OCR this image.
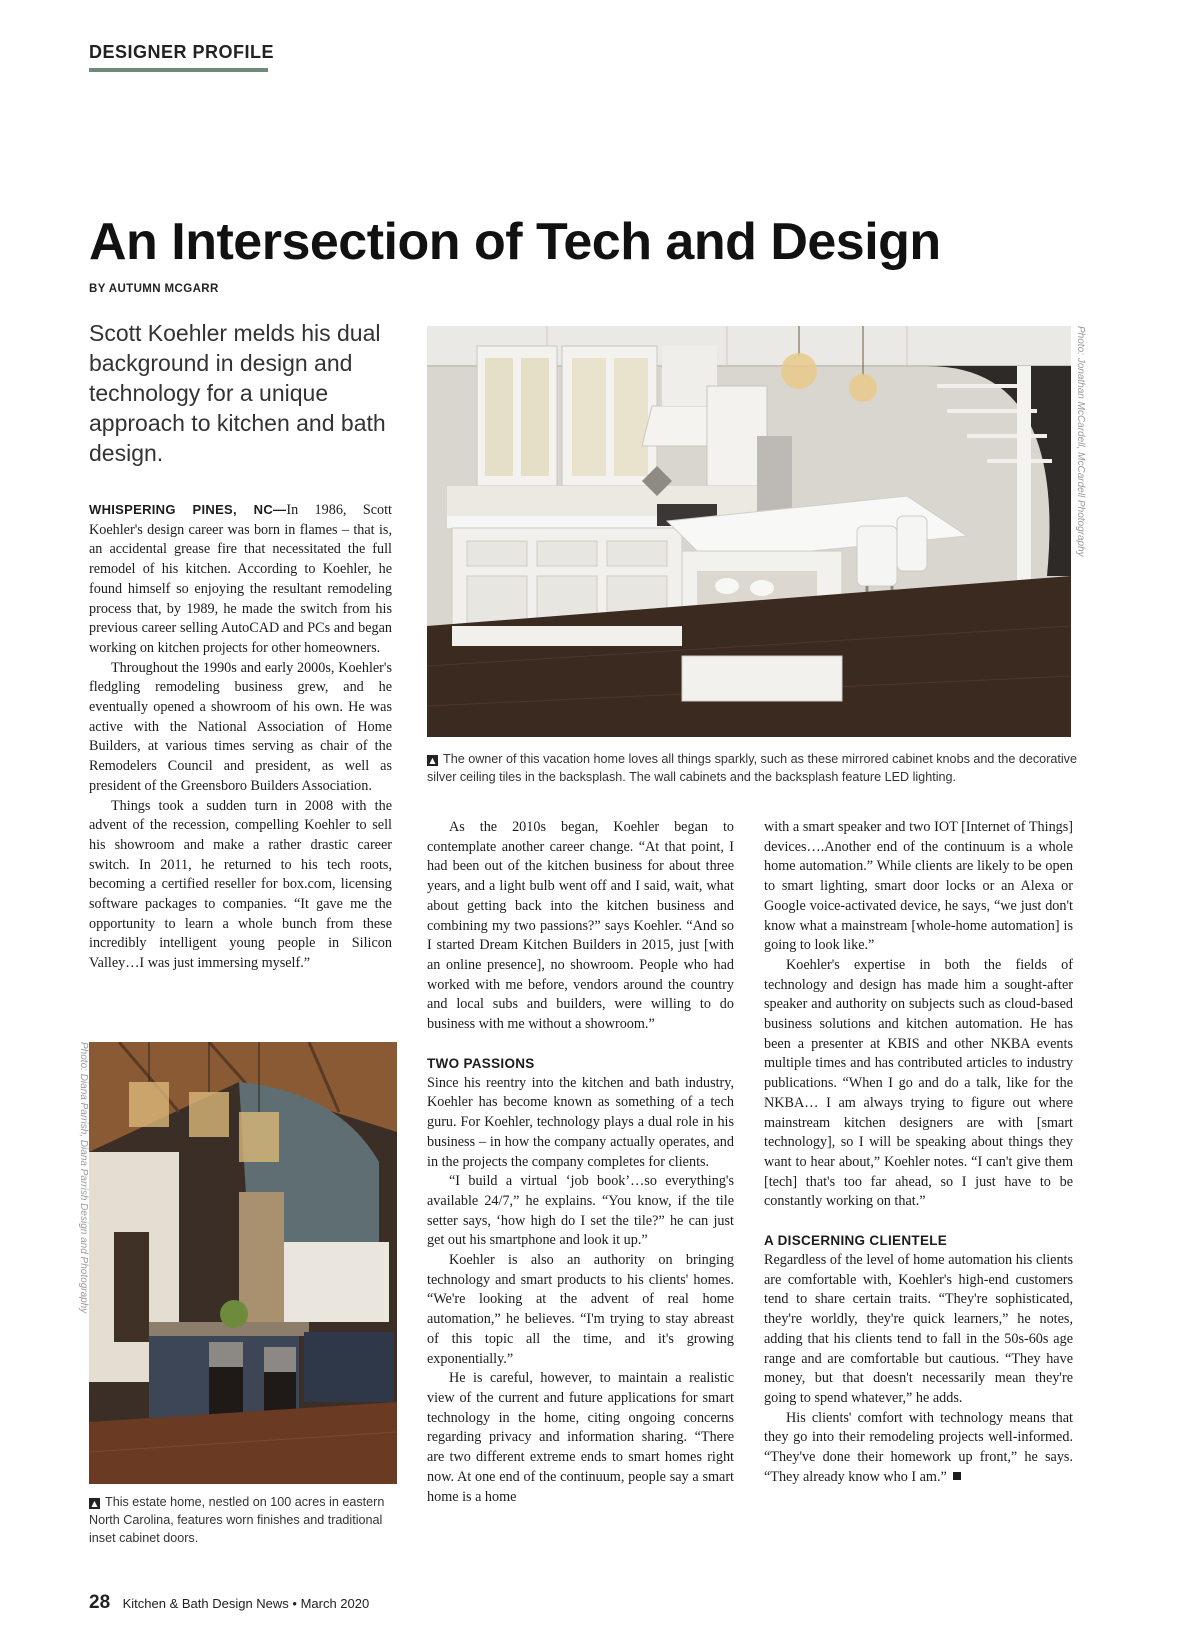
DESIGNER PROFILE
An Intersection of Tech and Design
BY AUTUMN MCGARR
Scott Koehler melds his dual background in design and technology for a unique approach to kitchen and bath design.

WHISPERING PINES, NC—In 1986, Scott Koehler's design career was born in flames – that is, an accidental grease fire that necessitated the full remodel of his kitchen. According to Koehler, he found himself so enjoying the resultant remodeling process that, by 1989, he made the switch from his previous career selling AutoCAD and PCs and began working on kitchen projects for other homeowners.

Throughout the 1990s and early 2000s, Koehler's fledgling remodeling business grew, and he eventually opened a showroom of his own. He was active with the National Association of Home Builders, at various times serving as chair of the Remodelers Council and president, as well as president of the Greensboro Builders Association.

Things took a sudden turn in 2008 with the advent of the recession, compelling Koehler to sell his showroom and make a rather drastic career switch. In 2011, he returned to his tech roots, becoming a certified reseller for box.com, licensing software packages to companies. “It gave me the opportunity to learn a whole bunch from these incredibly intelligent young people in Silicon Valley…I was just immersing myself.”

Photo: Jonathan McCardell, McCardell Photography
▲ The owner of this vacation home loves all things sparkly, such as these mirrored cabinet knobs and the decorative silver ceiling tiles in the backsplash. The wall cabinets and the backsplash feature LED lighting.

As the 2010s began, Koehler began to contemplate another career change. “At that point, I had been out of the kitchen business for about three years, and a light bulb went off and I said, wait, what about getting back into the kitchen business and combining my two passions?” says Koehler. “And so I started Dream Kitchen Builders in 2015, just [with an online presence], no showroom. People who had worked with me before, vendors around the country and local subs and builders, were willing to do business with me without a showroom.”

TWO PASSIONS

Since his reentry into the kitchen and bath industry, Koehler has become known as something of a tech guru. For Koehler, technology plays a dual role in his business – in how the company actually operates, and in the projects the company completes for clients.

“I build a virtual ‘job book’…so everything's available 24/7,” he explains. “You know, if the tile setter says, ‘how high do I set the tile?” he can just get out his smartphone and look it up.”

Koehler is also an authority on bringing technology and smart products to his clients' homes. “We're looking at the advent of real home automation,” he believes. “I'm trying to stay abreast of this topic all the time, and it's growing exponentially.”

He is careful, however, to maintain a realistic view of the current and future applications for smart technology in the home, citing ongoing concerns regarding privacy and information sharing. “There are two different extreme ends to smart homes right now. At one end of the continuum, people say a smart home is a home

with a smart speaker and two IOT [Internet of Things] devices….Another end of the continuum is a whole home automation.” While clients are likely to be open to smart lighting, smart door locks or an Alexa or Google voice-activated device, he says, “we just don't know what a mainstream [whole-home automation] is going to look like.”

Koehler's expertise in both the fields of technology and design has made him a sought-after speaker and authority on subjects such as cloud-based business solutions and kitchen automation. He has been a presenter at KBIS and other NKBA events multiple times and has contributed articles to industry publications. “When I go and do a talk, like for the NKBA… I am always trying to figure out where mainstream kitchen designers are with [smart technology], so I will be speaking about things they want to hear about,” Koehler notes. “I can't give them [tech] that's too far ahead, so I just have to be constantly working on that.”

A DISCERNING CLIENTELE

Regardless of the level of home automation his clients are comfortable with, Koehler's high-end customers tend to share certain traits. “They're sophisticated, they're worldly, they're quick learners,” he notes, adding that his clients tend to fall in the 50s-60s age range and are comfortable but cautious. “They have money, but that doesn't necessarily mean they're going to spend whatever,” he adds.

His clients' comfort with technology means that they go into their remodeling projects well-informed. “They've done their homework up front,” he says. “They already know who I am.”

Photo: Diana Parrish, Diana Parrish Design and Photography
▲ This estate home, nestled on 100 acres in eastern North Carolina, features worn finishes and traditional inset cabinet doors.
28 Kitchen & Bath Design News • March 2020
